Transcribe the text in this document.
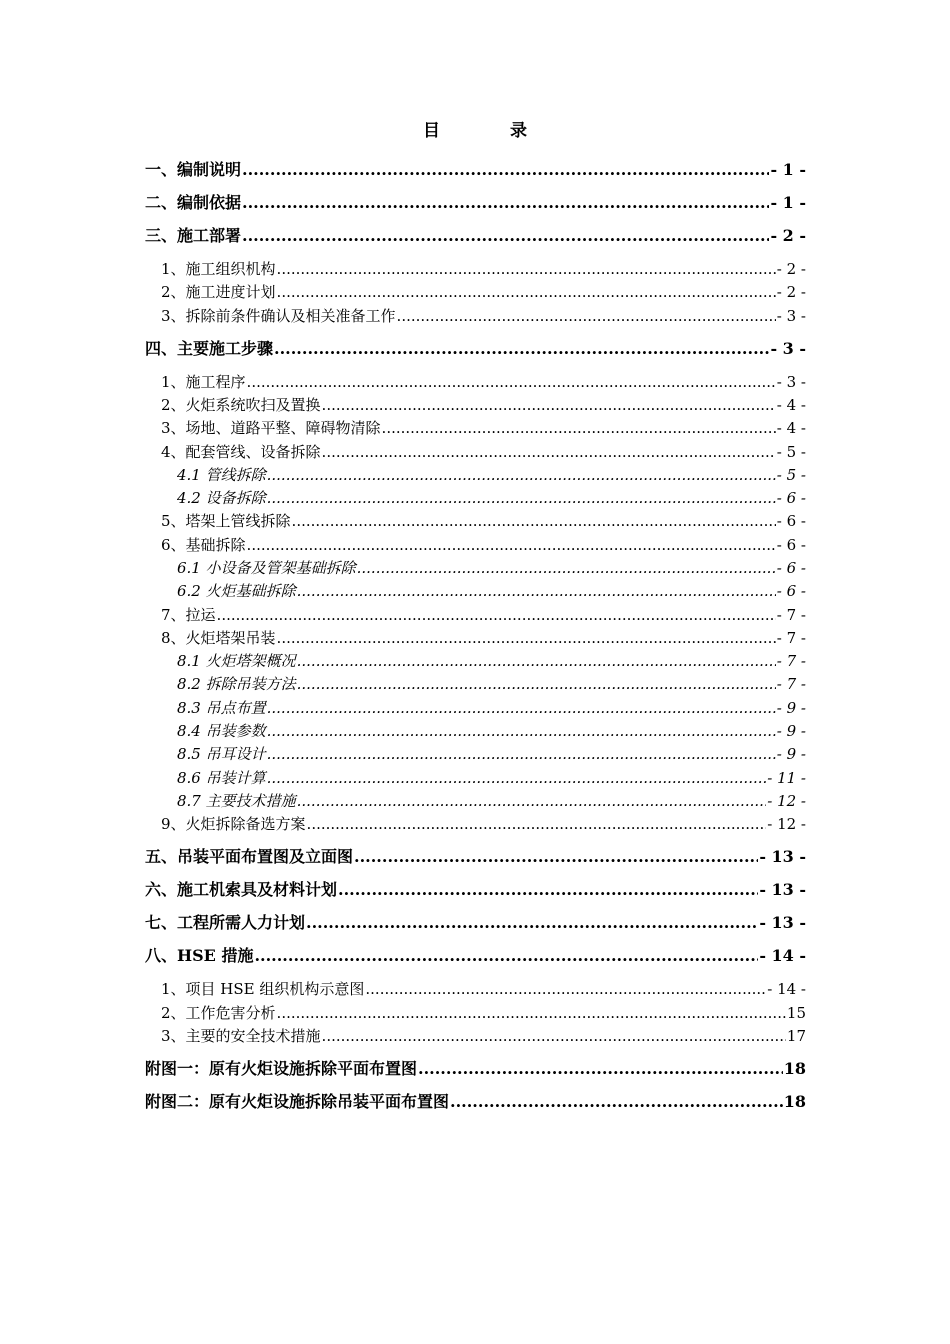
目	录
一、编制说明 .....	- 1 -
二、编制依据 .....	- 1 -
三、施工部署 .....	- 2 -
1、施工组织机构 .....	- 2 -
2、施工进度计划 .....	- 2 -
3、拆除前条件确认及相关准备工作 .....	- 3 -
四、主要施工步骤 .....	- 3 -
1、施工程序 .....	- 3 -
2、火炬系统吹扫及置换 .....	- 4 -
3、场地、道路平整、障碍物清除 .....	- 4 -
4、配套管线、设备拆除 .....	- 5 -
4.1 管线拆除 .....	- 5 -
4.2 设备拆除 .....	- 6 -
5、塔架上管线拆除 .....	- 6 -
6、基础拆除 .....	- 6 -
6.1 小设备及管架基础拆除 .....	- 6 -
6.2 火炬基础拆除 .....	- 6 -
7、拉运 .....	- 7 -
8、火炬塔架吊装 .....	- 7 -
8.1 火炬塔架概况 .....	- 7 -
8.2 拆除吊装方法 .....	- 7 -
8.3 吊点布置 .....	- 9 -
8.4 吊装参数 .....	- 9 -
8.5 吊耳设计 .....	- 9 -
8.6 吊装计算 .....	- 11 -
8.7 主要技术措施 .....	- 12 -
9、火炬拆除备选方案 .....	- 12 -
五、吊装平面布置图及立面图 .....	- 13 -
六、施工机索具及材料计划 .....	- 13 -
七、工程所需人力计划 .....	- 13 -
八、HSE 措施 .....	- 14 -
1、项目 HSE 组织机构示意图 .....	- 14 -
2、工作危害分析 .....	15
3、主要的安全技术措施 .....	17
附图一：原有火炬设施拆除平面布置图 .....	18
附图二：原有火炬设施拆除吊装平面布置图 .....	18
